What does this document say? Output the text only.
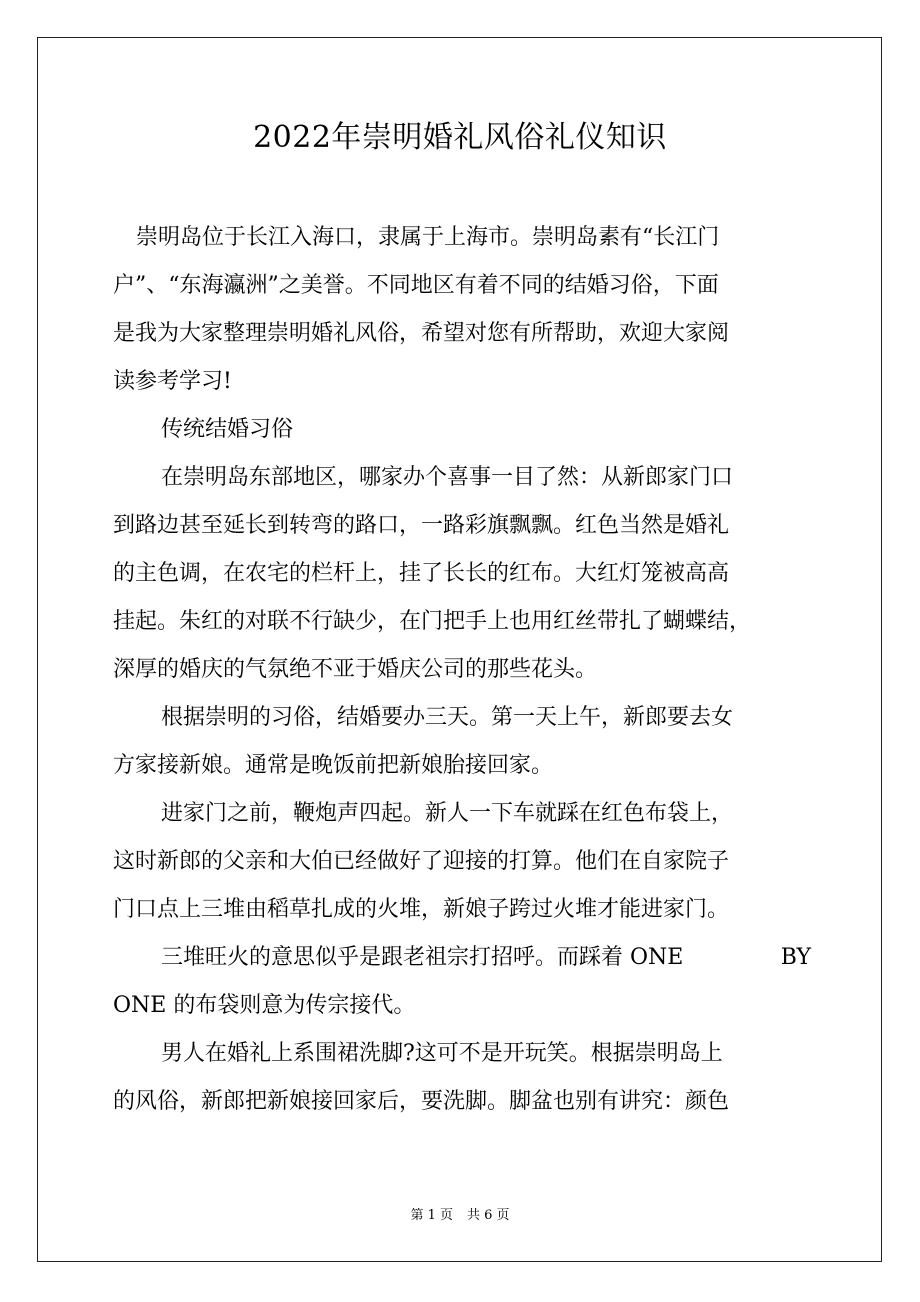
2022年崇明婚礼风俗礼仪知识
崇明岛位于长江入海口，隶属于上海市。崇明岛素有“长江门
户”、“东海瀛洲”之美誉。不同地区有着不同的结婚习俗，下面
是我为大家整理崇明婚礼风俗，希望对您有所帮助，欢迎大家阅
读参考学习!
传统结婚习俗
在崇明岛东部地区，哪家办个喜事一目了然：从新郎家门口
到路边甚至延长到转弯的路口，一路彩旗飘飘。红色当然是婚礼
的主色调，在农宅的栏杆上，挂了长长的红布。大红灯笼被高高
挂起。朱红的对联不行缺少，在门把手上也用红丝带扎了蝴蝶结，
深厚的婚庆的气氛绝不亚于婚庆公司的那些花头。
根据崇明的习俗，结婚要办三天。第一天上午，新郎要去女
方家接新娘。通常是晚饭前把新娘胎接回家。
进家门之前，鞭炮声四起。新人一下车就踩在红色布袋上，
这时新郎的父亲和大伯已经做好了迎接的打算。他们在自家院子
门口点上三堆由稻草扎成的火堆，新娘子跨过火堆才能进家门。
三堆旺火的意思似乎是跟老祖宗打招呼。而踩着 ONE	BY
ONE 的布袋则意为传宗接代。
男人在婚礼上系围裙洗脚?这可不是开玩笑。根据崇明岛上
的风俗，新郎把新娘接回家后，要洗脚。脚盆也别有讲究：颜色
第 1 页 共 6 页
